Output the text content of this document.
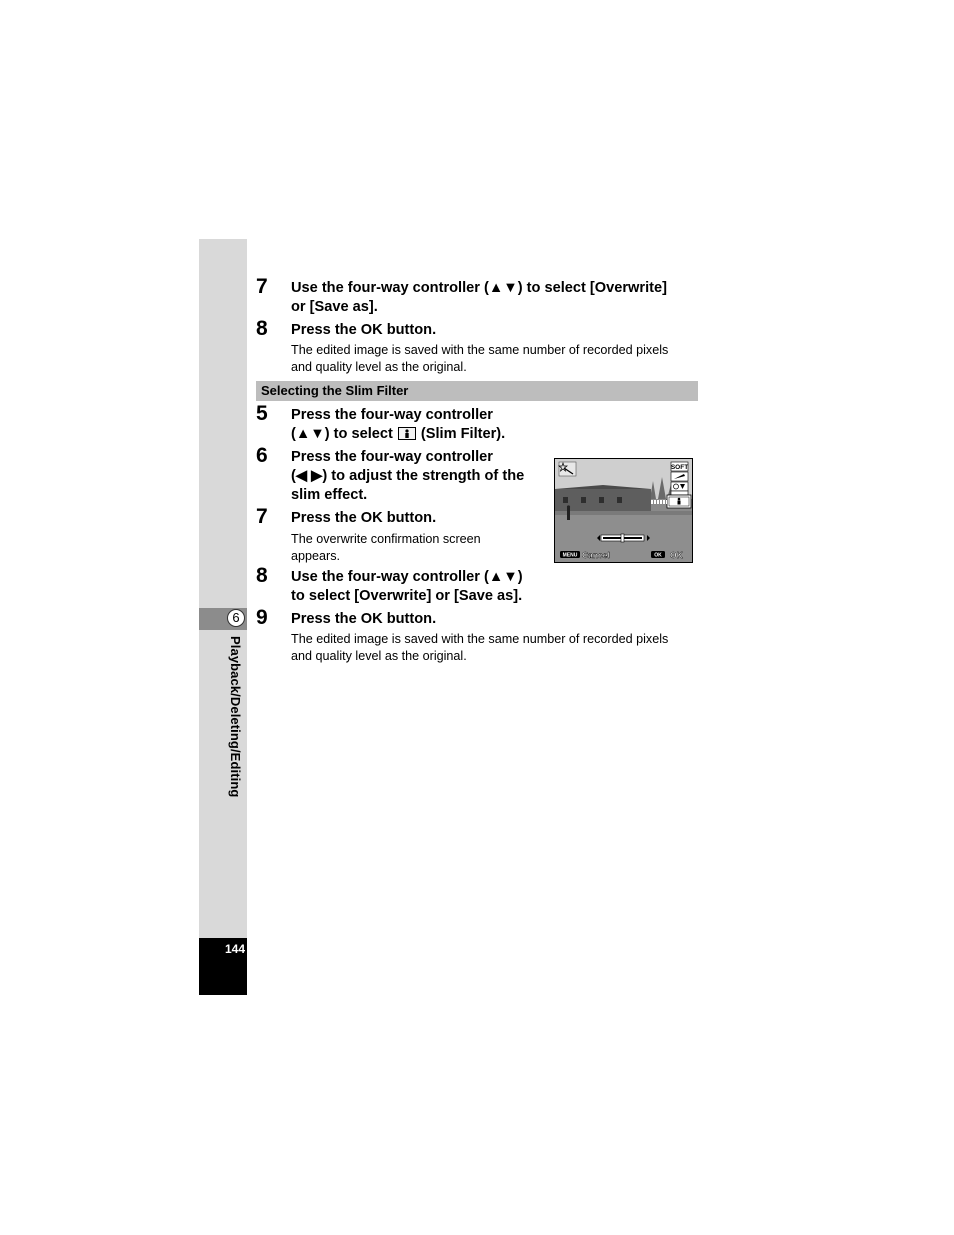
6
Playback/Deleting/Editing
144
7 Use the four-way controller (▲▼) to select [Overwrite]
or [Save as].
8 Press the OK button.
The edited image is saved with the same number of recorded pixels
and quality level as the original.
Selecting the Slim Filter
5 Press the four-way controller
(▲▼) to select (Slim Filter).
6 Press the four-way controller
(◀ ▶) to adjust the strength of the
slim effect.
7 Press the OK button.
The overwrite confirmation screen
appears.
8 Use the four-way controller (▲▼)
to select [Overwrite] or [Save as].
9 Press the OK button.
The edited image is saved with the same number of recorded pixels
and quality level as the original.
SOFT
MENU Cancel	OK OK
